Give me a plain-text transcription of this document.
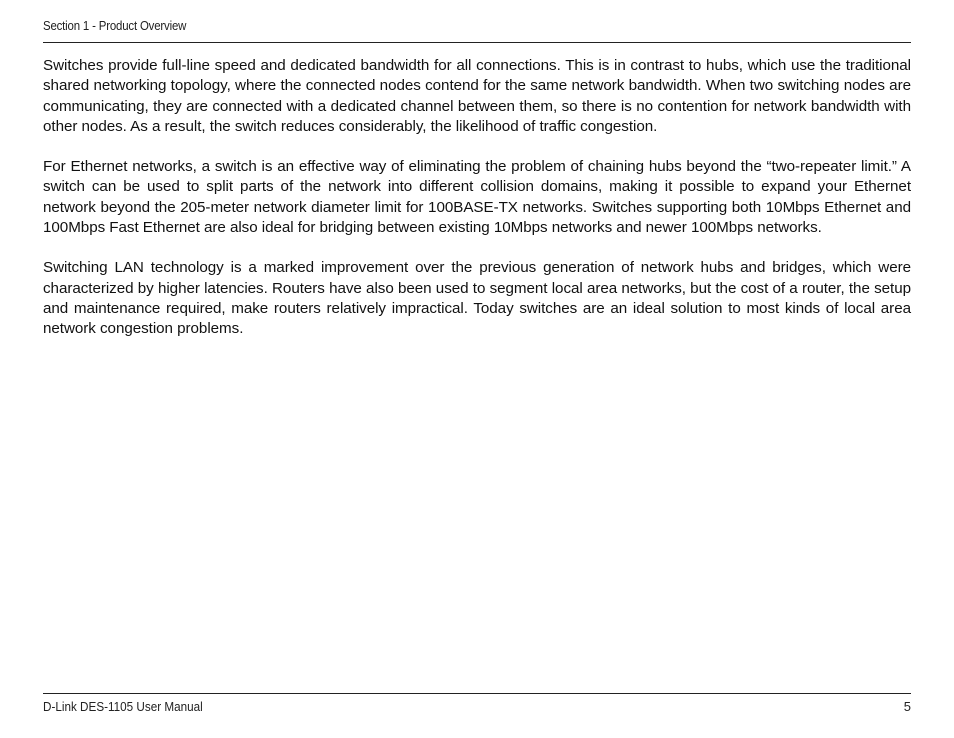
Section 1 - Product Overview

Switches provide full-line speed and dedicated bandwidth for all connections. This is in contrast to hubs, which use the traditional shared networking topology, where the connected nodes contend for the same network bandwidth. When two switching nodes are communicating, they are connected with a dedicated channel between them, so there is no contention for network bandwidth with other nodes. As a result, the switch reduces considerably, the likelihood of traffic congestion.

For Ethernet networks, a switch is an effective way of eliminating the problem of chaining hubs beyond the “two-repeater limit.” A switch can be used to split parts of the network into different collision domains, making it possible to expand your Ethernet network beyond the 205-meter network diameter limit for 100BASE-TX networks. Switches supporting both 10Mbps Ethernet and 100Mbps Fast Ethernet are also ideal for bridging between existing 10Mbps networks and newer 100Mbps networks.

Switching LAN technology is a marked improvement over the previous generation of network hubs and bridges, which were characterized by higher latencies. Routers have also been used to segment local area networks, but the cost of a router, the setup and maintenance required, make routers relatively impractical. Today switches are an ideal solution to most kinds of local area network congestion problems.

D-Link DES-1105 User Manual	5
